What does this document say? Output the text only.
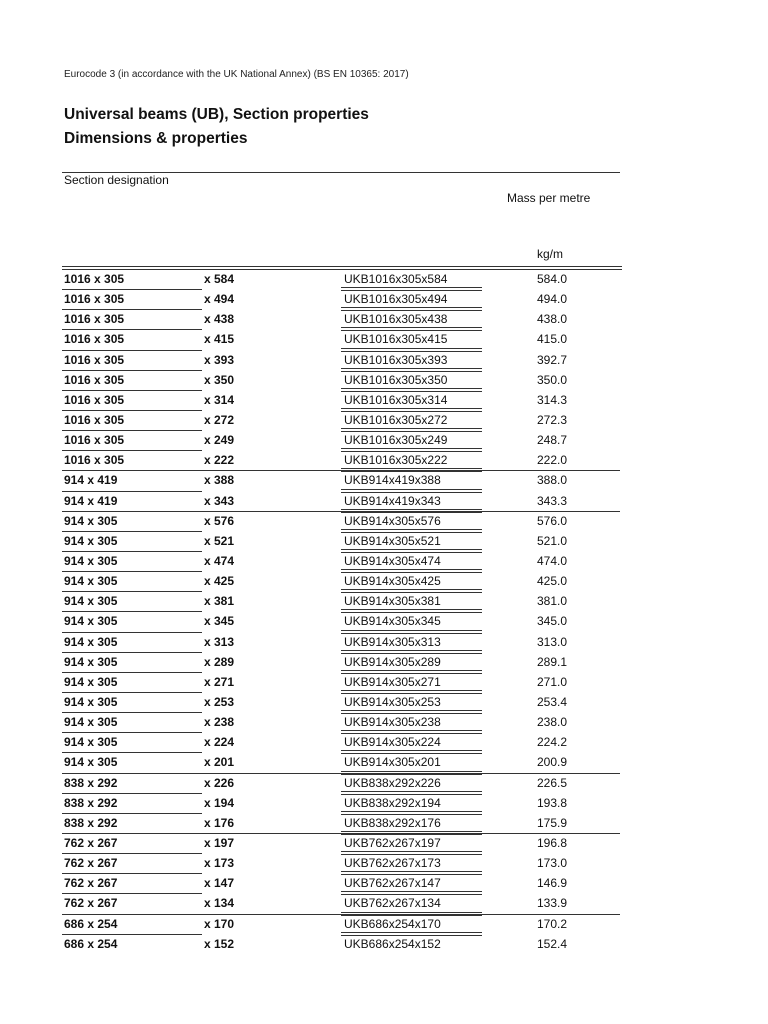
Eurocode 3 (in accordance with the UK National Annex) (BS EN 10365: 2017)
Universal beams (UB), Section properties
Dimensions & properties
Section designation
Mass per metre
kg/m
1016 x 305	x 584	UKB1016x305x584	584.0
1016 x 305	x 494	UKB1016x305x494	494.0
1016 x 305	x 438	UKB1016x305x438	438.0
1016 x 305	x 415	UKB1016x305x415	415.0
1016 x 305	x 393	UKB1016x305x393	392.7
1016 x 305	x 350	UKB1016x305x350	350.0
1016 x 305	x 314	UKB1016x305x314	314.3
1016 x 305	x 272	UKB1016x305x272	272.3
1016 x 305	x 249	UKB1016x305x249	248.7
1016 x 305	x 222	UKB1016x305x222	222.0
914 x 419	x 388	UKB914x419x388	388.0
914 x 419	x 343	UKB914x419x343	343.3
914 x 305	x 576	UKB914x305x576	576.0
914 x 305	x 521	UKB914x305x521	521.0
914 x 305	x 474	UKB914x305x474	474.0
914 x 305	x 425	UKB914x305x425	425.0
914 x 305	x 381	UKB914x305x381	381.0
914 x 305	x 345	UKB914x305x345	345.0
914 x 305	x 313	UKB914x305x313	313.0
914 x 305	x 289	UKB914x305x289	289.1
914 x 305	x 271	UKB914x305x271	271.0
914 x 305	x 253	UKB914x305x253	253.4
914 x 305	x 238	UKB914x305x238	238.0
914 x 305	x 224	UKB914x305x224	224.2
914 x 305	x 201	UKB914x305x201	200.9
838 x 292	x 226	UKB838x292x226	226.5
838 x 292	x 194	UKB838x292x194	193.8
838 x 292	x 176	UKB838x292x176	175.9
762 x 267	x 197	UKB762x267x197	196.8
762 x 267	x 173	UKB762x267x173	173.0
762 x 267	x 147	UKB762x267x147	146.9
762 x 267	x 134	UKB762x267x134	133.9
686 x 254	x 170	UKB686x254x170	170.2
686 x 254	x 152	UKB686x254x152	152.4
